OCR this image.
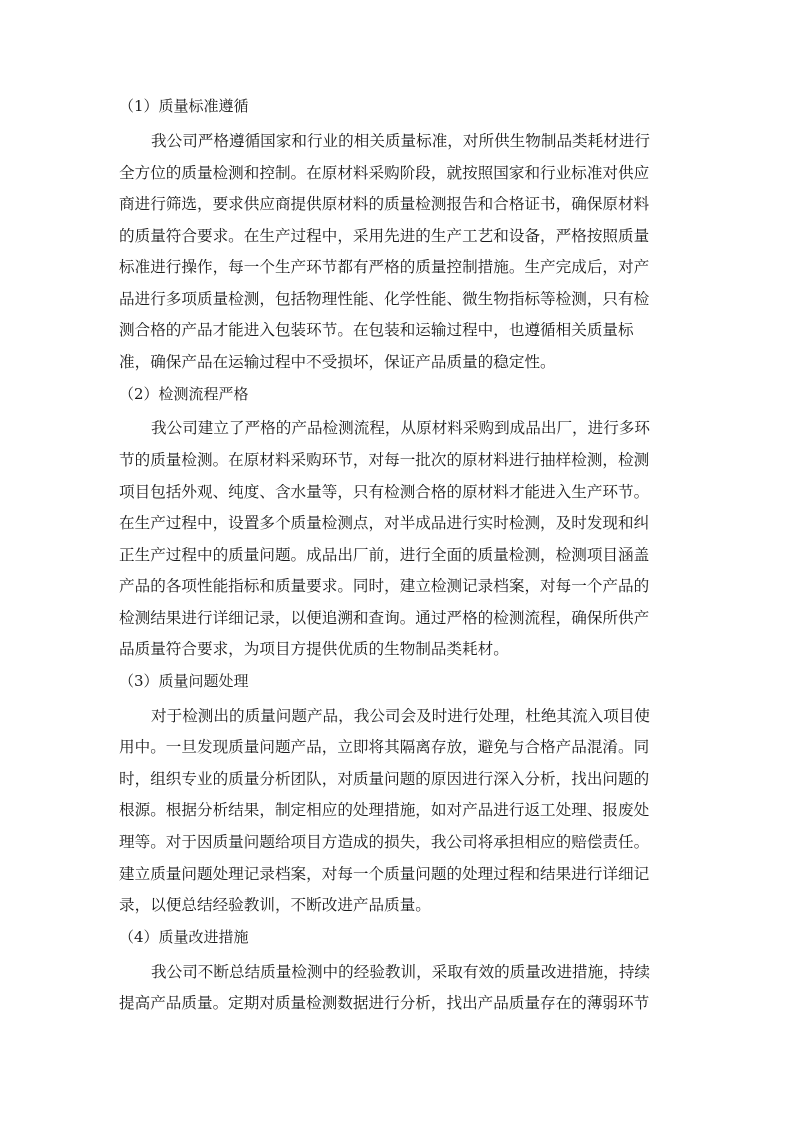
（1）质量标准遵循
我公司严格遵循国家和行业的相关质量标准，对所供生物制品类耗材进行
全方位的质量检测和控制。在原材料采购阶段，就按照国家和行业标准对供应
商进行筛选，要求供应商提供原材料的质量检测报告和合格证书，确保原材料
的质量符合要求。在生产过程中，采用先进的生产工艺和设备，严格按照质量
标准进行操作，每一个生产环节都有严格的质量控制措施。生产完成后，对产
品进行多项质量检测，包括物理性能、化学性能、微生物指标等检测，只有检
测合格的产品才能进入包装环节。在包装和运输过程中，也遵循相关质量标
准，确保产品在运输过程中不受损坏，保证产品质量的稳定性。
（2）检测流程严格
我公司建立了严格的产品检测流程，从原材料采购到成品出厂，进行多环
节的质量检测。在原材料采购环节，对每一批次的原材料进行抽样检测，检测
项目包括外观、纯度、含水量等，只有检测合格的原材料才能进入生产环节。
在生产过程中，设置多个质量检测点，对半成品进行实时检测，及时发现和纠
正生产过程中的质量问题。成品出厂前，进行全面的质量检测，检测项目涵盖
产品的各项性能指标和质量要求。同时，建立检测记录档案，对每一个产品的
检测结果进行详细记录，以便追溯和查询。通过严格的检测流程，确保所供产
品质量符合要求，为项目方提供优质的生物制品类耗材。
（3）质量问题处理
对于检测出的质量问题产品，我公司会及时进行处理，杜绝其流入项目使
用中。一旦发现质量问题产品，立即将其隔离存放，避免与合格产品混淆。同
时，组织专业的质量分析团队，对质量问题的原因进行深入分析，找出问题的
根源。根据分析结果，制定相应的处理措施，如对产品进行返工处理、报废处
理等。对于因质量问题给项目方造成的损失，我公司将承担相应的赔偿责任。
建立质量问题处理记录档案，对每一个质量问题的处理过程和结果进行详细记
录，以便总结经验教训，不断改进产品质量。
（4）质量改进措施
我公司不断总结质量检测中的经验教训，采取有效的质量改进措施，持续
提高产品质量。定期对质量检测数据进行分析，找出产品质量存在的薄弱环节
